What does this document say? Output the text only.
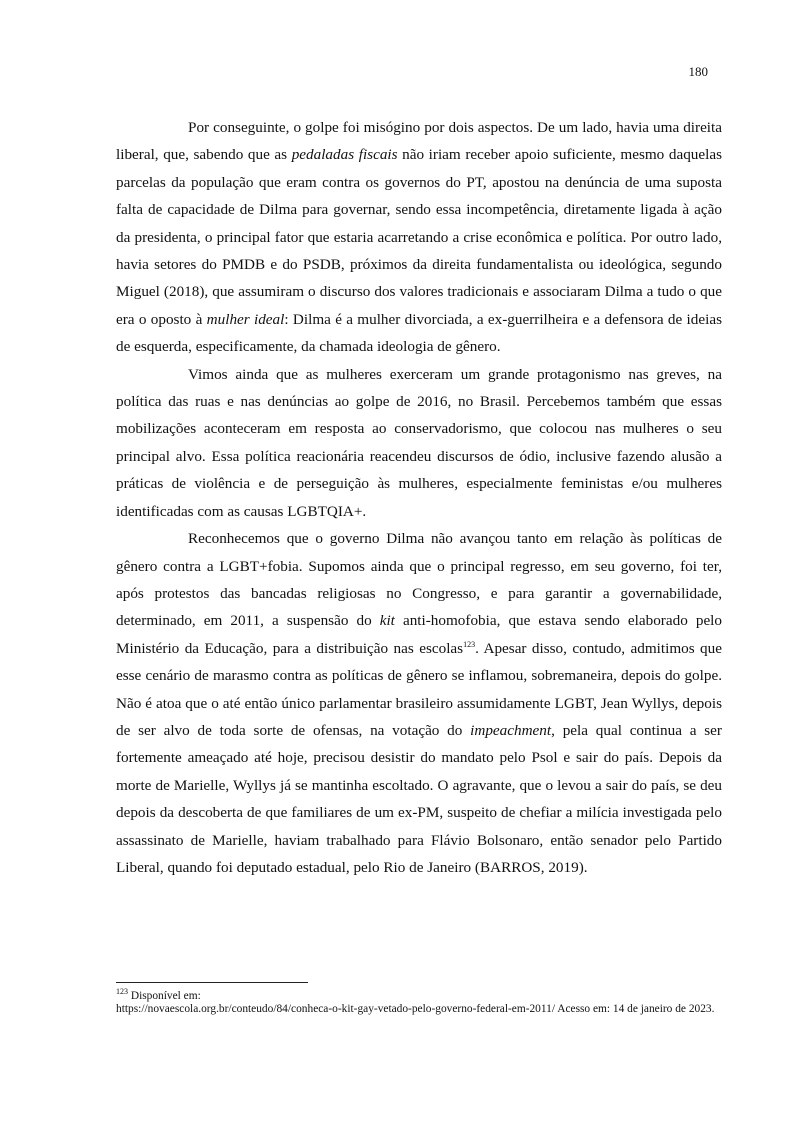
180

Por conseguinte, o golpe foi misógino por dois aspectos. De um lado, havia uma direita liberal, que, sabendo que as pedaladas fiscais não iriam receber apoio suficiente, mesmo daquelas parcelas da população que eram contra os governos do PT, apostou na denúncia de uma suposta falta de capacidade de Dilma para governar, sendo essa incompetência, diretamente ligada à ação da presidenta, o principal fator que estaria acarretando a crise econômica e política. Por outro lado, havia setores do PMDB e do PSDB, próximos da direita fundamentalista ou ideológica, segundo Miguel (2018), que assumiram o discurso dos valores tradicionais e associaram Dilma a tudo o que era o oposto à mulher ideal: Dilma é a mulher divorciada, a ex-guerrilheira e a defensora de ideias de esquerda, especificamente, da chamada ideologia de gênero.

Vimos ainda que as mulheres exerceram um grande protagonismo nas greves, na política das ruas e nas denúncias ao golpe de 2016, no Brasil. Percebemos também que essas mobilizações aconteceram em resposta ao conservadorismo, que colocou nas mulheres o seu principal alvo. Essa política reacionária reacendeu discursos de ódio, inclusive fazendo alusão a práticas de violência e de perseguição às mulheres, especialmente feministas e/ou mulheres identificadas com as causas LGBTQIA+.

Reconhecemos que o governo Dilma não avançou tanto em relação às políticas de gênero contra a LGBT+fobia. Supomos ainda que o principal regresso, em seu governo, foi ter, após protestos das bancadas religiosas no Congresso, e para garantir a governabilidade, determinado, em 2011, a suspensão do kit anti-homofobia, que estava sendo elaborado pelo Ministério da Educação, para a distribuição nas escolas$^{123}$. Apesar disso, contudo, admitimos que esse cenário de marasmo contra as políticas de gênero se inflamou, sobremaneira, depois do golpe. Não é atoa que o até então único parlamentar brasileiro assumidamente LGBT, Jean Wyllys, depois de ser alvo de toda sorte de ofensas, na votação do impeachment, pela qual continua a ser fortemente ameaçado até hoje, precisou desistir do mandato pelo Psol e sair do país. Depois da morte de Marielle, Wyllys já se mantinha escoltado. O agravante, que o levou a sair do país, se deu depois da descoberta de que familiares de um ex-PM, suspeito de chefiar a milícia investigada pelo assassinato de Marielle, haviam trabalhado para Flávio Bolsonaro, então senador pelo Partido Liberal, quando foi deputado estadual, pelo Rio de Janeiro (BARROS, 2019).

$^{123}$ Disponível em:
https://novaescola.org.br/conteudo/84/conheca-o-kit-gay-vetado-pelo-governo-federal-em-2011/ Acesso em: 14 de janeiro de 2023.
